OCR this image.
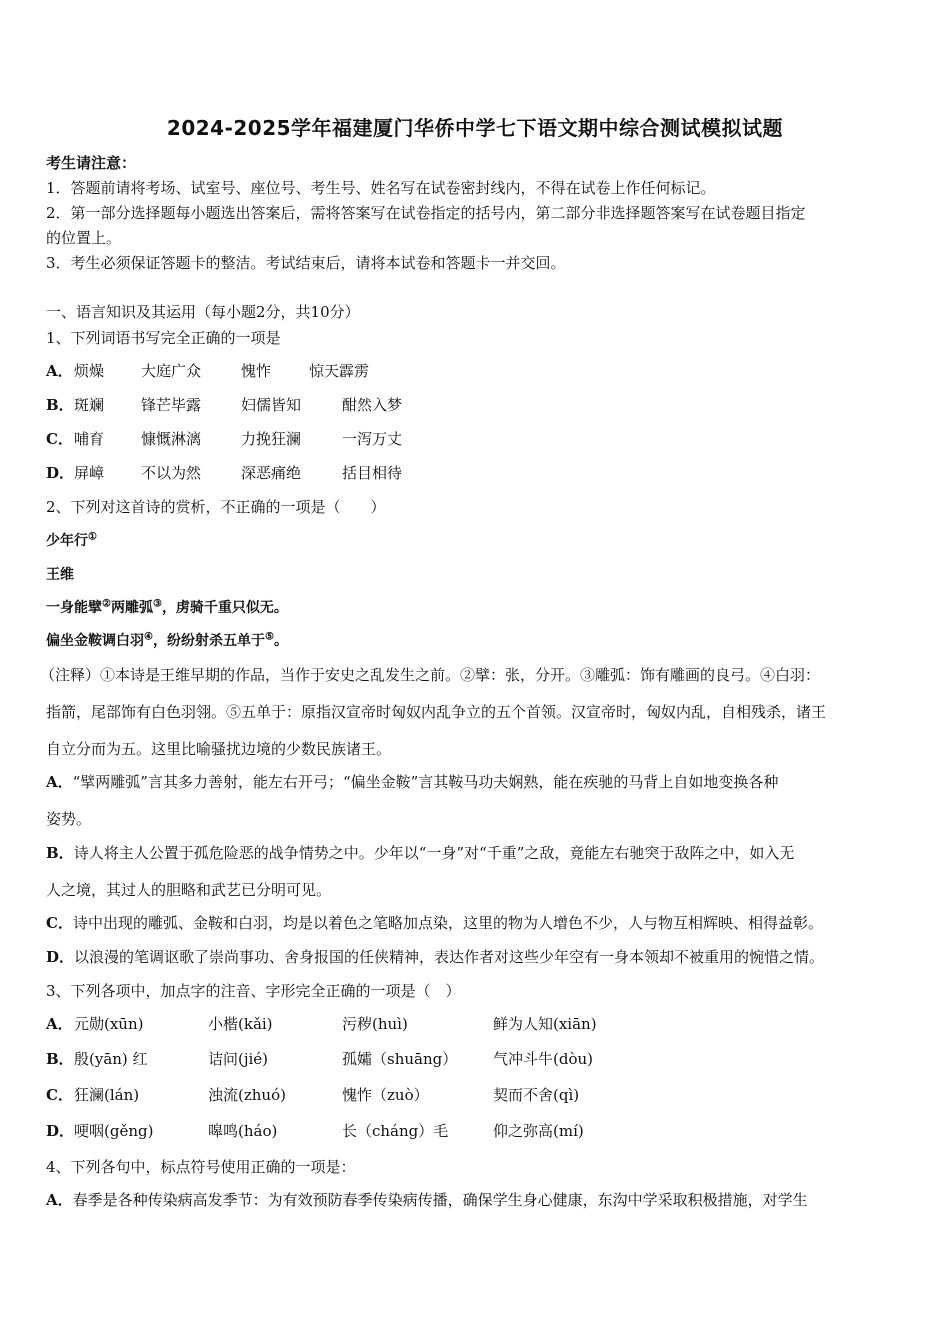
2024-2025学年福建厦门华侨中学七下语文期中综合测试模拟试题
考生请注意：
1．答题前请将考场、试室号、座位号、考生号、姓名写在试卷密封线内，不得在试卷上作任何标记。
2．第一部分选择题每小题选出答案后，需将答案写在试卷指定的括号内，第二部分非选择题答案写在试卷题目指定
的位置上。
3．考生必须保证答题卡的整洁。考试结束后，请将本试卷和答题卡一并交回。
一、语言知识及其运用（每小题2分，共10分）
1、下列词语书写完全正确的一项是
A． 烦燥 大庭广众	愧怍	惊天霹雳
B． 斑斓 锋芒毕露	妇儒皆知	酣然入梦
C． 哺育 慷慨淋漓	力挽狂澜	一泻万丈
D． 屏嶂 不以为然	深恶痛绝	括目相待
2、下列对这首诗的赏析，不正确的一项是（　　）
少年行①
王维
一身能擘②两雕弧③，虏骑千重只似无。
偏坐金鞍调白羽④，纷纷射杀五单于⑤。
（注释）①本诗是王维早期的作品，当作于安史之乱发生之前。②擘：张，分开。③雕弧：饰有雕画的良弓。④白羽：
指箭，尾部饰有白色羽翎。⑤五单于：原指汉宣帝时匈奴内乱争立的五个首领。汉宣帝时，匈奴内乱，自相残杀，诸王
自立分而为五。这里比喻骚扰边境的少数民族诸王。
A．“擘两雕弧”言其多力善射，能左右开弓；“偏坐金鞍”言其鞍马功夫娴熟，能在疾驰的马背上自如地变换各种
姿势。
B．诗人将主人公置于孤危险恶的战争情势之中。少年以“一身”对“千重”之敌，竟能左右驰突于敌阵之中，如入无
人之境，其过人的胆略和武艺已分明可见。
C．诗中出现的雕弧、金鞍和白羽，均是以着色之笔略加点染，这里的物为人增色不少，人与物互相辉映、相得益彰。
D．以浪漫的笔调讴歌了崇尚事功、舍身报国的任侠精神，表达作者对这些少年空有一身本领却不被重用的惋惜之情。
3、下列各项中，加点字的注音、字形完全正确的一项是（　）
A． 元勋(xūn)	小楷(kǎi)	污秽(huì)	鲜为人知(xiān)
B． 殷(yān) 红	诘问(jié)	孤孀（shuāng） 气冲斗牛(dòu)
C． 狂澜(lán)	浊流(zhuó)	愧怍（zuò）	契而不舍(qì)
D． 哽咽(gěng)	嗥鸣(háo)	长（cháng）毛	仰之弥高(mí)
4、下列各句中，标点符号使用正确的一项是：
A．春季是各种传染病高发季节：为有效预防春季传染病传播，确保学生身心健康，东沟中学采取积极措施，对学生
